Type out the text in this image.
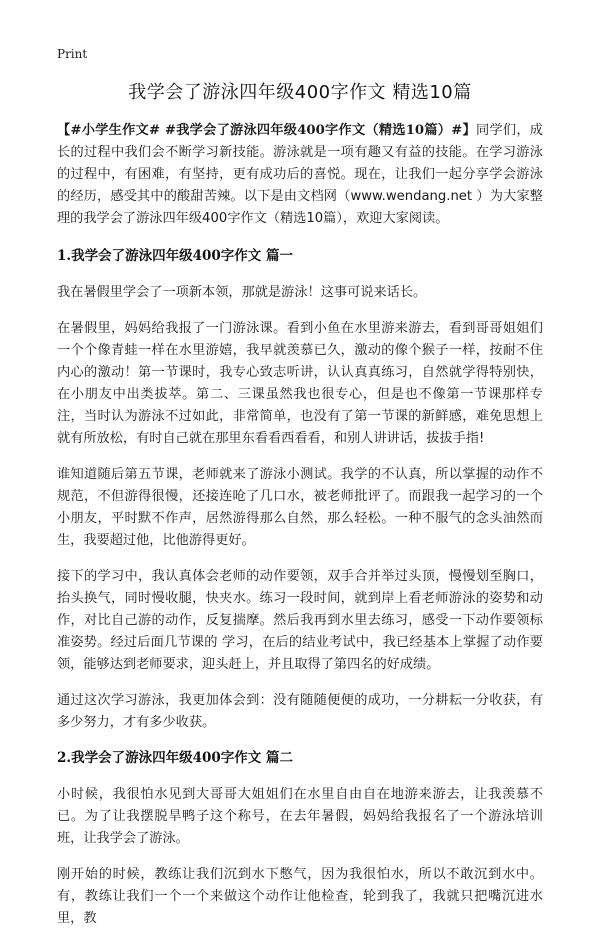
Print
我学会了游泳四年级400字作文 精选10篇

【#小学生作文# #我学会了游泳四年级400字作文（精选10篇）#】同学们，成长的过程中我们会不断学习新技能。游泳就是一项有趣又有益的技能。在学习游泳的过程中，有困难，有坚持，更有成功后的喜悦。现在，让我们一起分享学会游泳的经历，感受其中的酸甜苦辣。以下是由文档网（www.wendang.net ）为大家整理的我学会了游泳四年级400字作文（精选10篇），欢迎大家阅读。

1.我学会了游泳四年级400字作文 篇一

我在暑假里学会了一项新本领，那就是游泳！这事可说来话长。

在暑假里，妈妈给我报了一门游泳课。看到小鱼在水里游来游去，看到哥哥姐姐们一个个像青蛙一样在水里游嬉，我早就羡慕已久，激动的像个猴子一样，按耐不住内心的激动！第一节课时，我专心致志听讲，认认真真练习，自然就学得特别快，在小朋友中出类拔萃。第二、三课虽然我也很专心，但是也不像第一节课那样专注，当时认为游泳不过如此，非常简单，也没有了第一节课的新鲜感，难免思想上就有所放松，有时自己就在那里东看看西看看，和别人讲讲话，拔拔手指!

谁知道随后第五节课，老师就来了游泳小测试。我学的不认真，所以掌握的动作不规范，不但游得很慢，还接连呛了几口水，被老师批评了。而跟我一起学习的一个小朋友，平时默不作声，居然游得那么自然，那么轻松。一种不服气的念头油然而生，我要超过他，比他游得更好。

接下的学习中，我认真体会老师的动作要领，双手合并举过头顶，慢慢划至胸口，抬头换气，同时慢收腿，快夹水。练习一段时间，就到岸上看老师游泳的姿势和动作，对比自己游的动作，反复揣摩。然后我再到水里去练习，感受一下动作要领标准姿势。经过后面几节课的 学习，在后的结业考试中，我已经基本上掌握了动作要领，能够达到老师要求，迎头赶上，并且取得了第四名的好成绩。

通过这次学习游泳，我更加体会到：没有随随便便的成功，一分耕耘一分收获，有多少努力，才有多少收获。

2.我学会了游泳四年级400字作文 篇二

小时候，我很怕水见到大哥哥大姐姐们在水里自由自在地游来游去，让我羡慕不已。为了让我摆脱旱鸭子这个称号，在去年暑假，妈妈给我报名了一个游泳培训班，让我学会了游泳。

刚开始的时候，教练让我们沉到水下憋气，因为我很怕水，所以不敢沉到水中。有，教练让我们一个一个来做这个动作让他检查，轮到我了，我就只把嘴沉进水里，教
